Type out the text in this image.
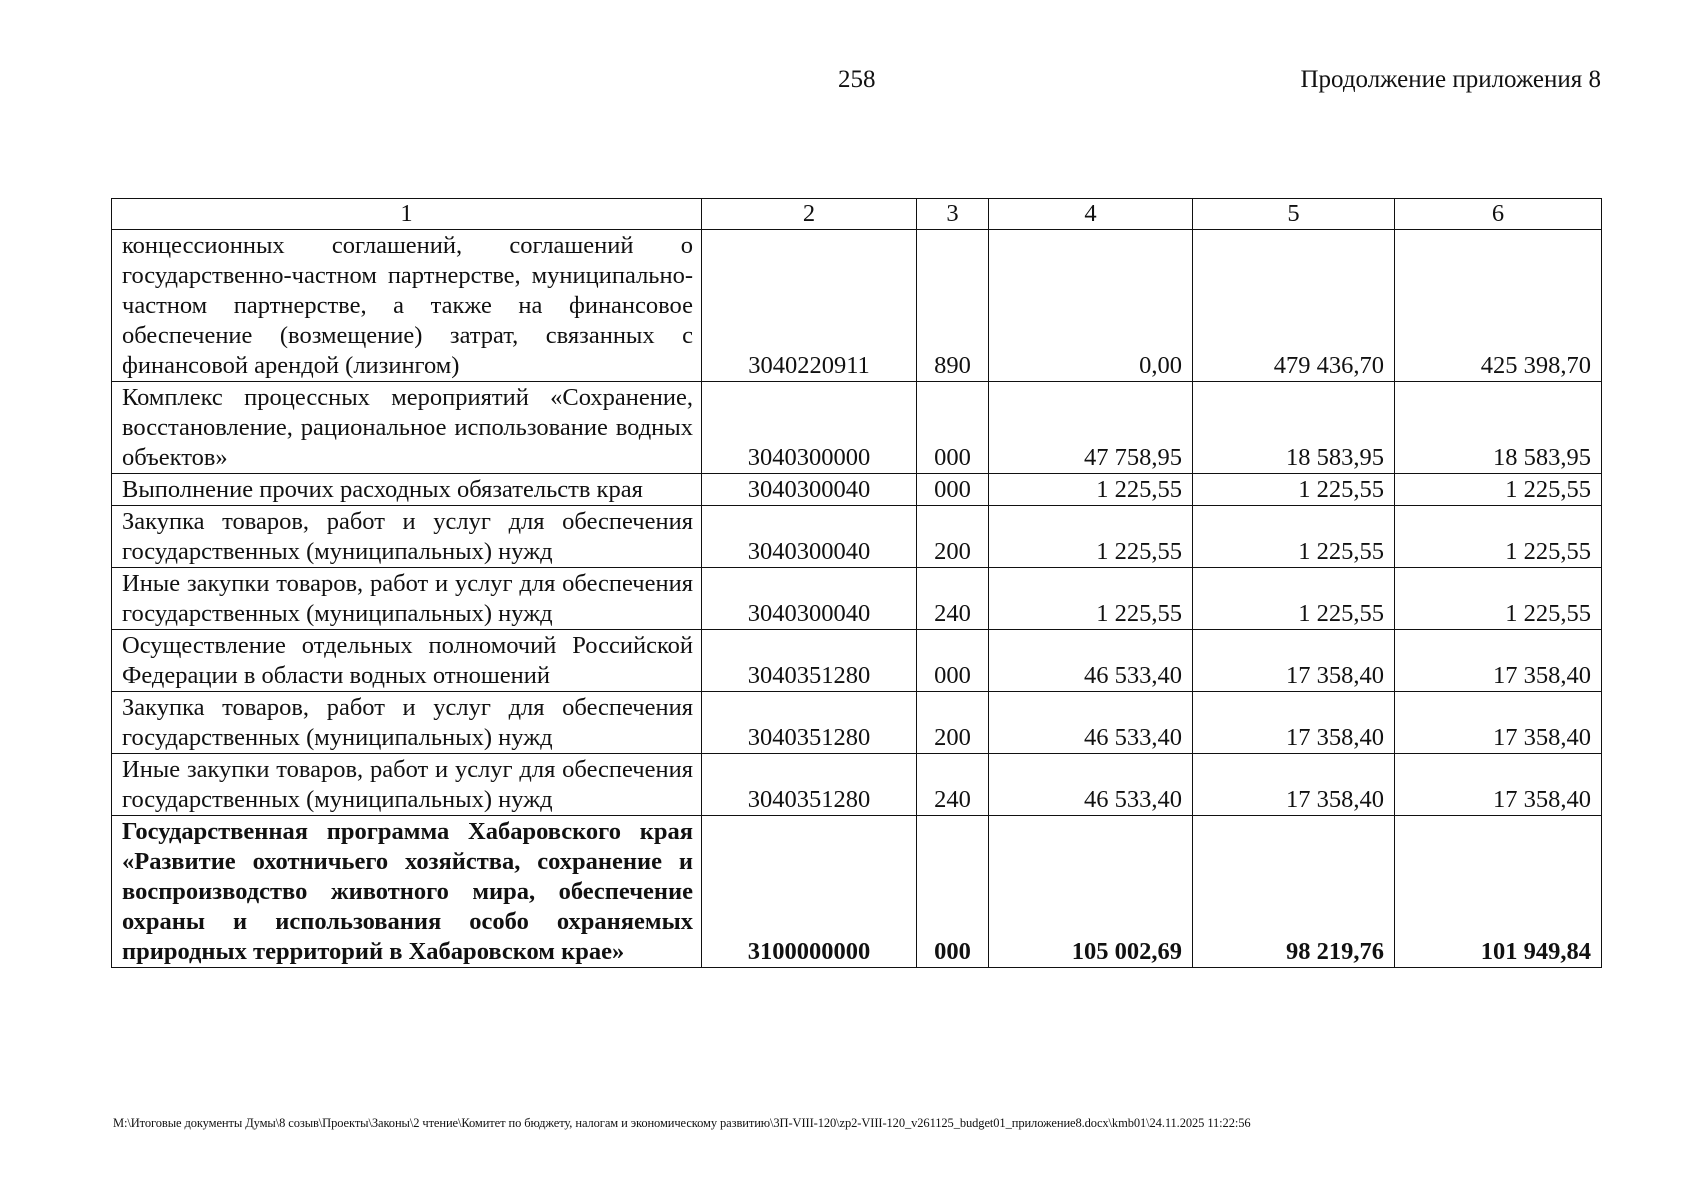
258	Продолжение приложения 8
1	2	3	4	5	6
концессионных соглашений, соглашений о государственно-частном партнерстве, муниципально-частном партнерстве, а также на финансовое обеспечение (возмещение) затрат, связанных с финансовой арендой (лизингом)	3040220911	890	0,00	479 436,70	425 398,70
Комплекс процессных мероприятий «Сохранение, восстановление, рациональное использование водных объектов»	3040300000	000	47 758,95	18 583,95	18 583,95
Выполнение прочих расходных обязательств края	3040300040	000	1 225,55	1 225,55	1 225,55
Закупка товаров, работ и услуг для обеспечения государственных (муниципальных) нужд	3040300040	200	1 225,55	1 225,55	1 225,55
Иные закупки товаров, работ и услуг для обеспечения государственных (муниципальных) нужд	3040300040	240	1 225,55	1 225,55	1 225,55
Осуществление отдельных полномочий Российской Федерации в области водных отношений	3040351280	000	46 533,40	17 358,40	17 358,40
Закупка товаров, работ и услуг для обеспечения государственных (муниципальных) нужд	3040351280	200	46 533,40	17 358,40	17 358,40
Иные закупки товаров, работ и услуг для обеспечения государственных (муниципальных) нужд	3040351280	240	46 533,40	17 358,40	17 358,40
Государственная программа Хабаровского края «Развитие охотничьего хозяйства, сохранение и воспроизводство животного мира, обеспечение охраны и использования особо охраняемых природных территорий в Хабаровском крае»	3100000000	000	105 002,69	98 219,76	101 949,84
M:\Итоговые документы Думы\8 созыв\Проекты\Законы\2 чтение\Комитет по бюджету, налогам и экономическому развитию\3П-VIII-120\zp2-VIII-120_v261125_budget01_приложение8.docx\kmb01\24.11.2025 11:22:56
